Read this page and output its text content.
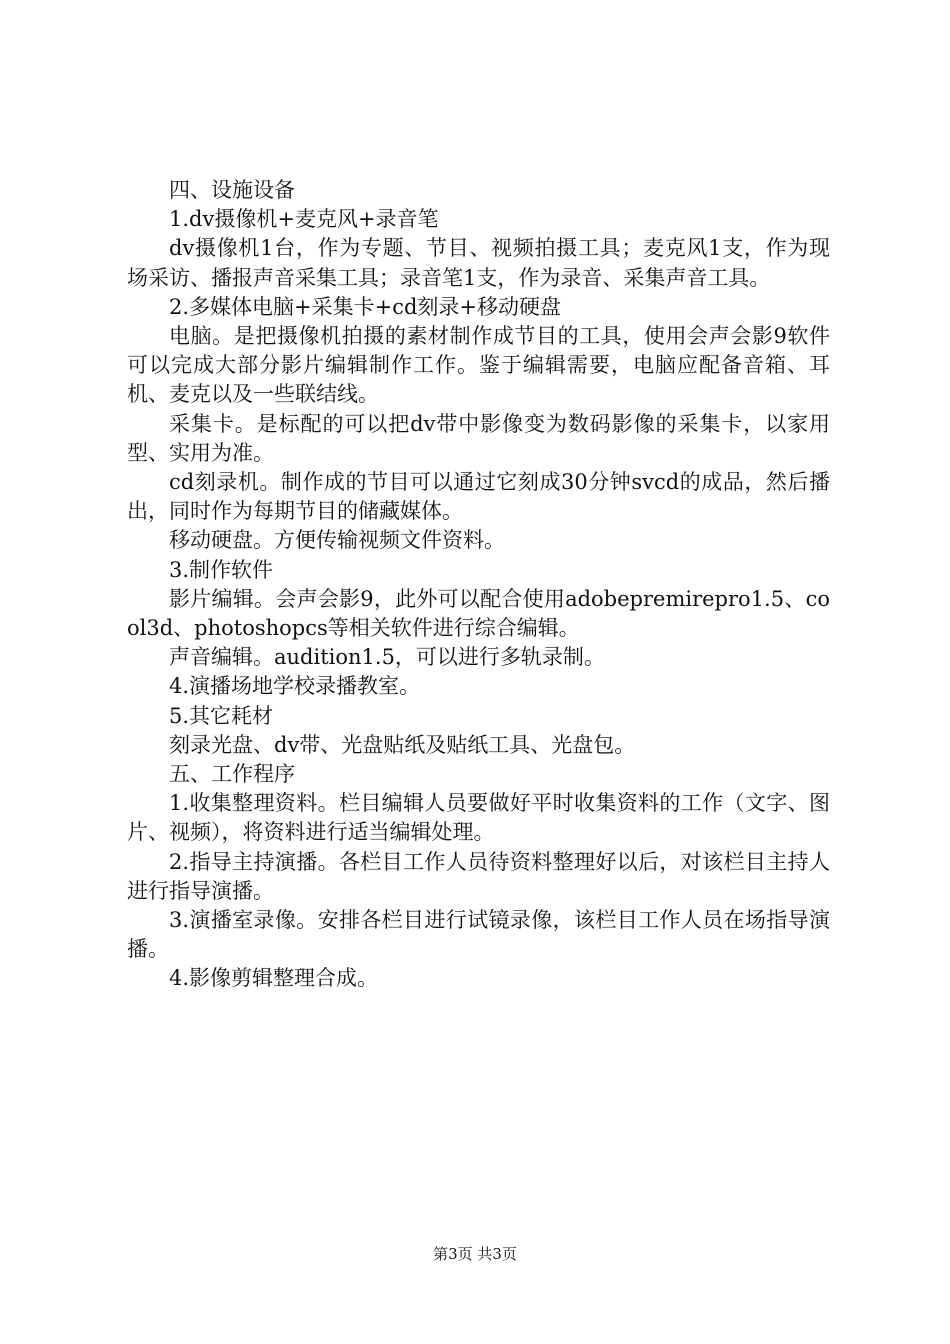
四、设施设备

1.dv摄像机+麦克风+录音笔

dv摄像机1台，作为专题、节目、视频拍摄工具；麦克风1支，作为现场采访、播报声音采集工具；录音笔1支，作为录音、采集声音工具。

2.多媒体电脑+采集卡+cd刻录+移动硬盘

电脑。是把摄像机拍摄的素材制作成节目的工具，使用会声会影9软件可以完成大部分影片编辑制作工作。鉴于编辑需要，电脑应配备音箱、耳机、麦克以及一些联结线。

采集卡。是标配的可以把dv带中影像变为数码影像的采集卡，以家用型、实用为准。

cd刻录机。制作成的节目可以通过它刻成30分钟svcd的成品，然后播出，同时作为每期节目的储藏媒体。

移动硬盘。方便传输视频文件资料。

3.制作软件

影片编辑。会声会影9，此外可以配合使用adobepremirepro1.5、cool3d、photoshopcs等相关软件进行综合编辑。

声音编辑。audition1.5，可以进行多轨录制。

4.演播场地学校录播教室。

5.其它耗材

刻录光盘、dv带、光盘贴纸及贴纸工具、光盘包。

五、工作程序

1.收集整理资料。栏目编辑人员要做好平时收集资料的工作（文字、图片、视频），将资料进行适当编辑处理。

2.指导主持演播。各栏目工作人员待资料整理好以后，对该栏目主持人进行指导演播。

3.演播室录像。安排各栏目进行试镜录像，该栏目工作人员在场指导演播。

4.影像剪辑整理合成。

第3页 共3页
